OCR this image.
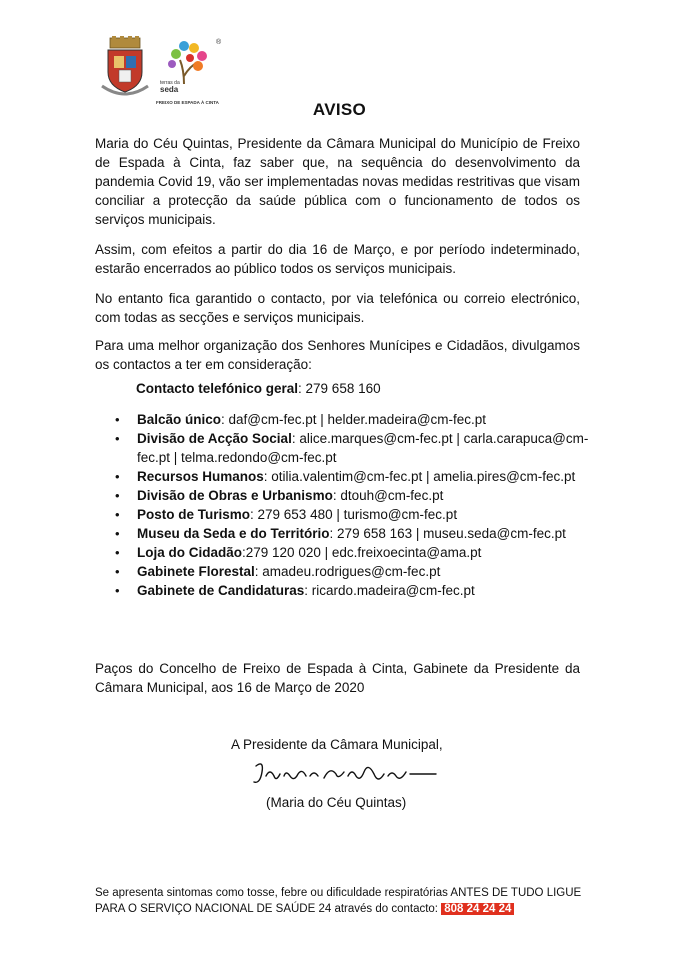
®
terras da
seda
FREIXO DE ESPADA À CINTA	AVISO

Maria do Céu Quintas, Presidente da Câmara Municipal do Município de Freixo de Espada à Cinta, faz saber que, na sequência do desenvolvimento da pandemia Covid 19, vão ser implementadas novas medidas restritivas que visam conciliar a protecção da saúde pública com o funcionamento de todos os serviços municipais.

Assim, com efeitos a partir do dia 16 de Março, e por período indeterminado, estarão encerrados ao público todos os serviços municipais.

No entanto fica garantido o contacto, por via telefónica ou correio electrónico, com todas as secções e serviços municipais.

Para uma melhor organização dos Senhores Munícipes e Cidadãos, divulgamos os contactos a ter em consideração:

Contacto telefónico geral: 279 658 160
• Balcão único: daf@cm-fec.pt | helder.madeira@cm-fec.pt
• Divisão de Acção Social: alice.marques@cm-fec.pt | carla.carapuca@cm-fec.pt | telma.redondo@cm-fec.pt
• Recursos Humanos: otilia.valentim@cm-fec.pt | amelia.pires@cm-fec.pt
• Divisão de Obras e Urbanismo: dtouh@cm-fec.pt
• Posto de Turismo: 279 653 480 | turismo@cm-fec.pt
• Museu da Seda e do Território: 279 658 163 | museu.seda@cm-fec.pt
• Loja do Cidadão:279 120 020 | edc.freixoecinta@ama.pt
• Gabinete Florestal: amadeu.rodrigues@cm-fec.pt
• Gabinete de Candidaturas: ricardo.madeira@cm-fec.pt

Paços do Concelho de Freixo de Espada à Cinta, Gabinete da Presidente da Câmara Municipal, aos 16 de Março de 2020

A Presidente da Câmara Municipal,
(Maria do Céu Quintas)
Se apresenta sintomas como tosse, febre ou dificuldade respiratórias ANTES DE TUDO LIGUE
PARA O SERVIÇO NACIONAL DE SAÚDE 24 através do contacto: 808 24 24 24
